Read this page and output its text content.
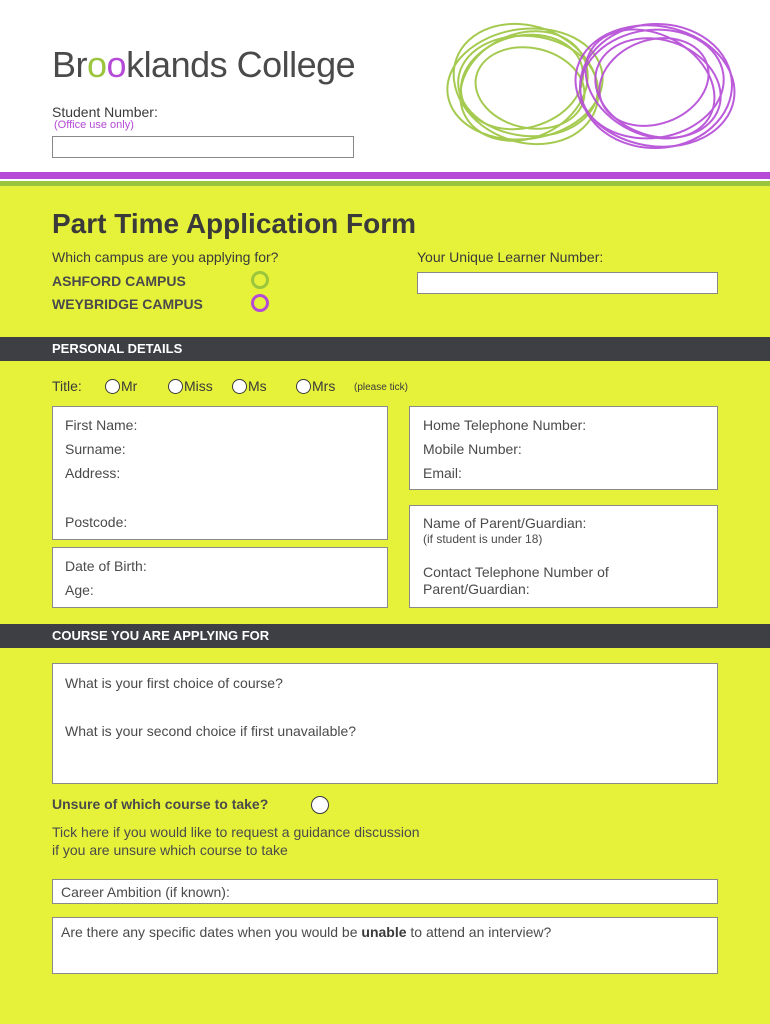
Brooklands College
Student Number:
(Office use only)
Part Time Application Form
Which campus are you applying for?
ASHFORD CAMPUS
WEYBRIDGE CAMPUS
Your Unique Learner Number:
PERSONAL DETAILS
Title:	Mr	Miss	Ms	Mrs (please tick)
First Name:
Surname:
Address:
Postcode:
Date of Birth:
Age:
Home Telephone Number:
Mobile Number:
Email:
Name of Parent/Guardian:
(if student is under 18)
Contact Telephone Number of
Parent/Guardian:
COURSE YOU ARE APPLYING FOR
What is your first choice of course?
What is your second choice if first unavailable?
Unsure of which course to take?
Tick here if you would like to request a guidance discussion
if you are unsure which course to take
Career Ambition (if known):
Are there any specific dates when you would be unable to attend an interview?
